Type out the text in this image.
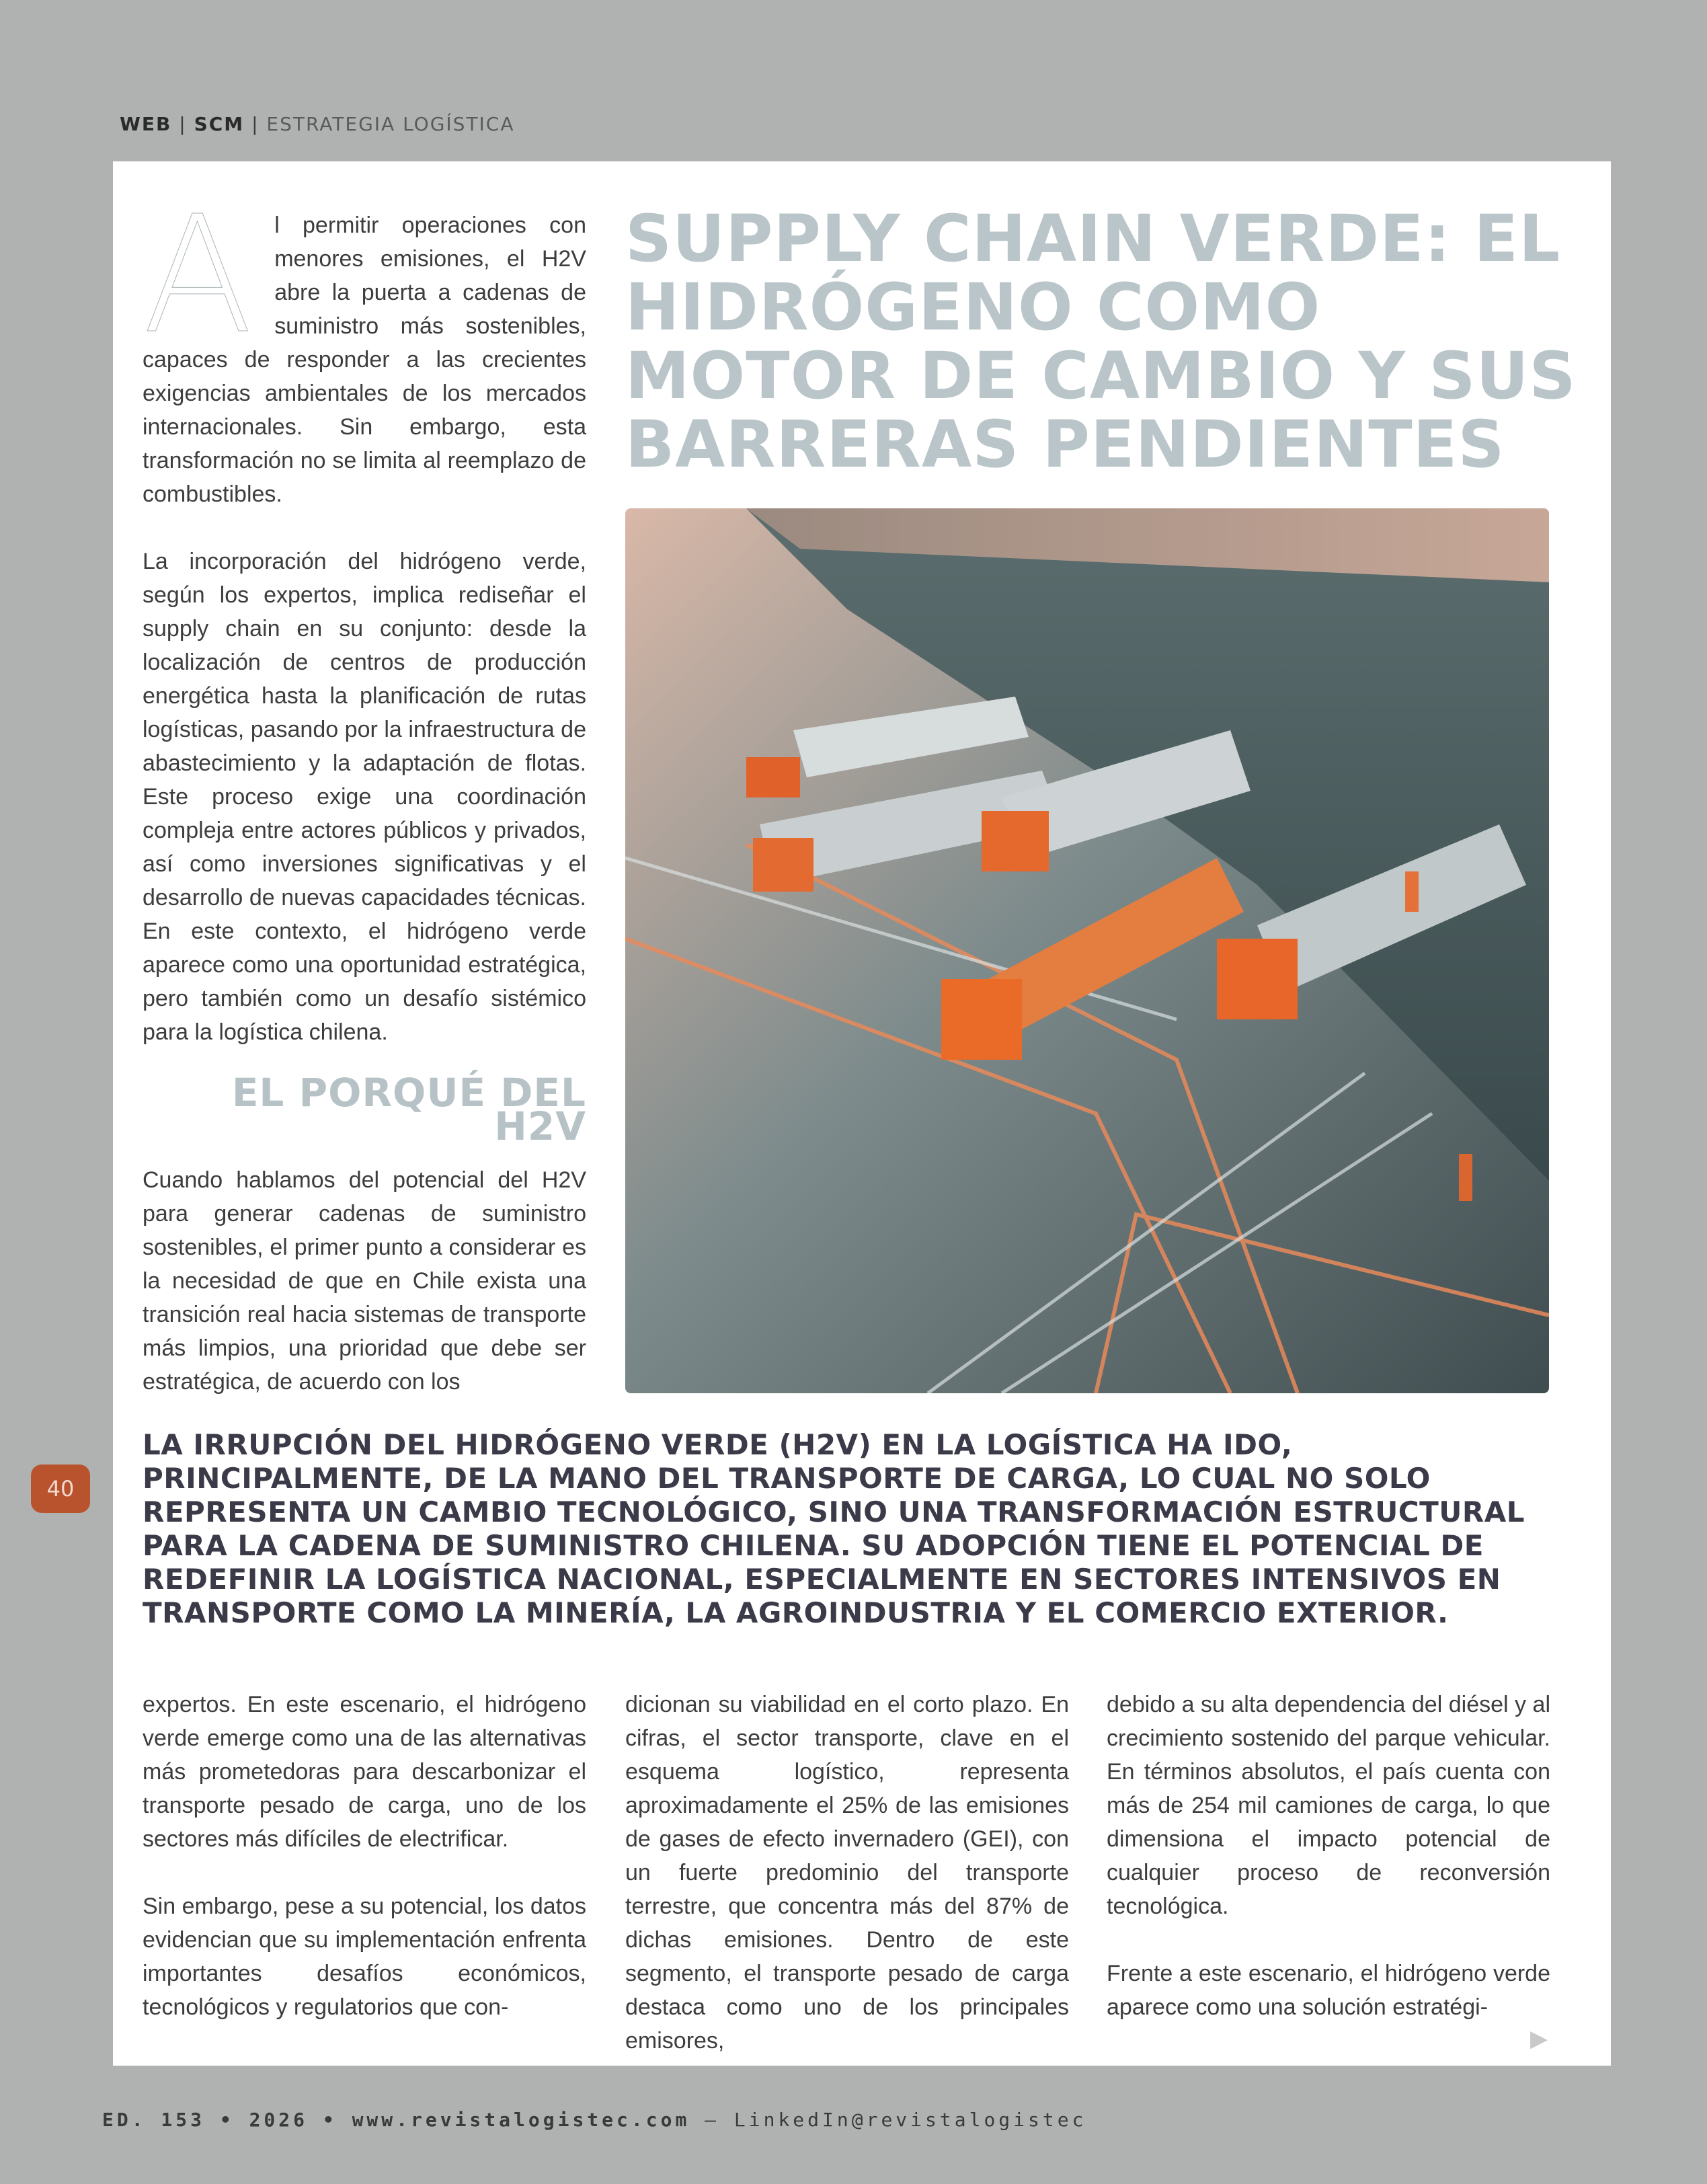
WEB | SCM | ESTRATEGIA LOGÍSTICA
Al permitir operaciones con menores emisiones, el H2V abre la puerta a cadenas de suministro más sostenibles, capaces de responder a las crecientes exigencias ambientales de los mercados internacionales. Sin embargo, esta transformación no se limita al reemplazo de combustibles.
La incorporación del hidrógeno verde, según los expertos, implica rediseñar el supply chain en su conjunto: desde la localización de centros de producción energética hasta la planificación de rutas logísticas, pasando por la infraestructura de abastecimiento y la adaptación de flotas. Este proceso exige una coordinación compleja entre actores públicos y privados, así como inversiones significativas y el desarrollo de nuevas capacidades técnicas. En este contexto, el hidrógeno verde aparece como una oportunidad estratégica, pero también como un desafío sistémico para la logística chilena.
EL PORQUÉ DEL H2V
Cuando hablamos del potencial del H2V para generar cadenas de suministro sostenibles, el primer punto a considerar es la necesidad de que en Chile exista una transición real hacia sistemas de transporte más limpios, una prioridad que debe ser estratégica, de acuerdo con los
SUPPLY CHAIN VERDE: EL HIDRÓGENO COMO MOTOR DE CAMBIO Y SUS BARRERAS PENDIENTES
LA IRRUPCIÓN DEL HIDRÓGENO VERDE (H2V) EN LA LOGÍSTICA HA IDO, PRINCIPALMENTE, DE LA MANO DEL TRANSPORTE DE CARGA, LO CUAL NO SOLO REPRESENTA UN CAMBIO TECNOLÓGICO, SINO UNA TRANSFORMACIÓN ESTRUCTURAL PARA LA CADENA DE SUMINISTRO CHILENA. SU ADOPCIÓN TIENE EL POTENCIAL DE REDEFINIR LA LOGÍSTICA NACIONAL, ESPECIALMENTE EN SECTORES INTENSIVOS EN TRANSPORTE COMO LA MINERÍA, LA AGROINDUSTRIA Y EL COMERCIO EXTERIOR.
expertos. En este escenario, el hidrógeno verde emerge como una de las alternativas más prometedoras para descarbonizar el transporte pesado de carga, uno de los sectores más difíciles de electrificar.
Sin embargo, pese a su potencial, los datos evidencian que su implementación enfrenta importantes desafíos económicos, tecnológicos y regulatorios que con-
dicionan su viabilidad en el corto plazo. En cifras, el sector transporte, clave en el esquema logístico, representa aproximadamente el 25% de las emisiones de gases de efecto invernadero (GEI), con un fuerte predominio del transporte terrestre, que concentra más del 87% de dichas emisiones. Dentro de este segmento, el transporte pesado de carga destaca como uno de los principales emisores,
debido a su alta dependencia del diésel y al crecimiento sostenido del parque vehicular. En términos absolutos, el país cuenta con más de 254 mil camiones de carga, lo que dimensiona el impacto potencial de cualquier proceso de reconversión tecnológica.
Frente a este escenario, el hidrógeno verde aparece como una solución estratégi-
40
▶
ED. 153 • 2026 • www.revistalogistec.com – LinkedIn@revistalogistec
